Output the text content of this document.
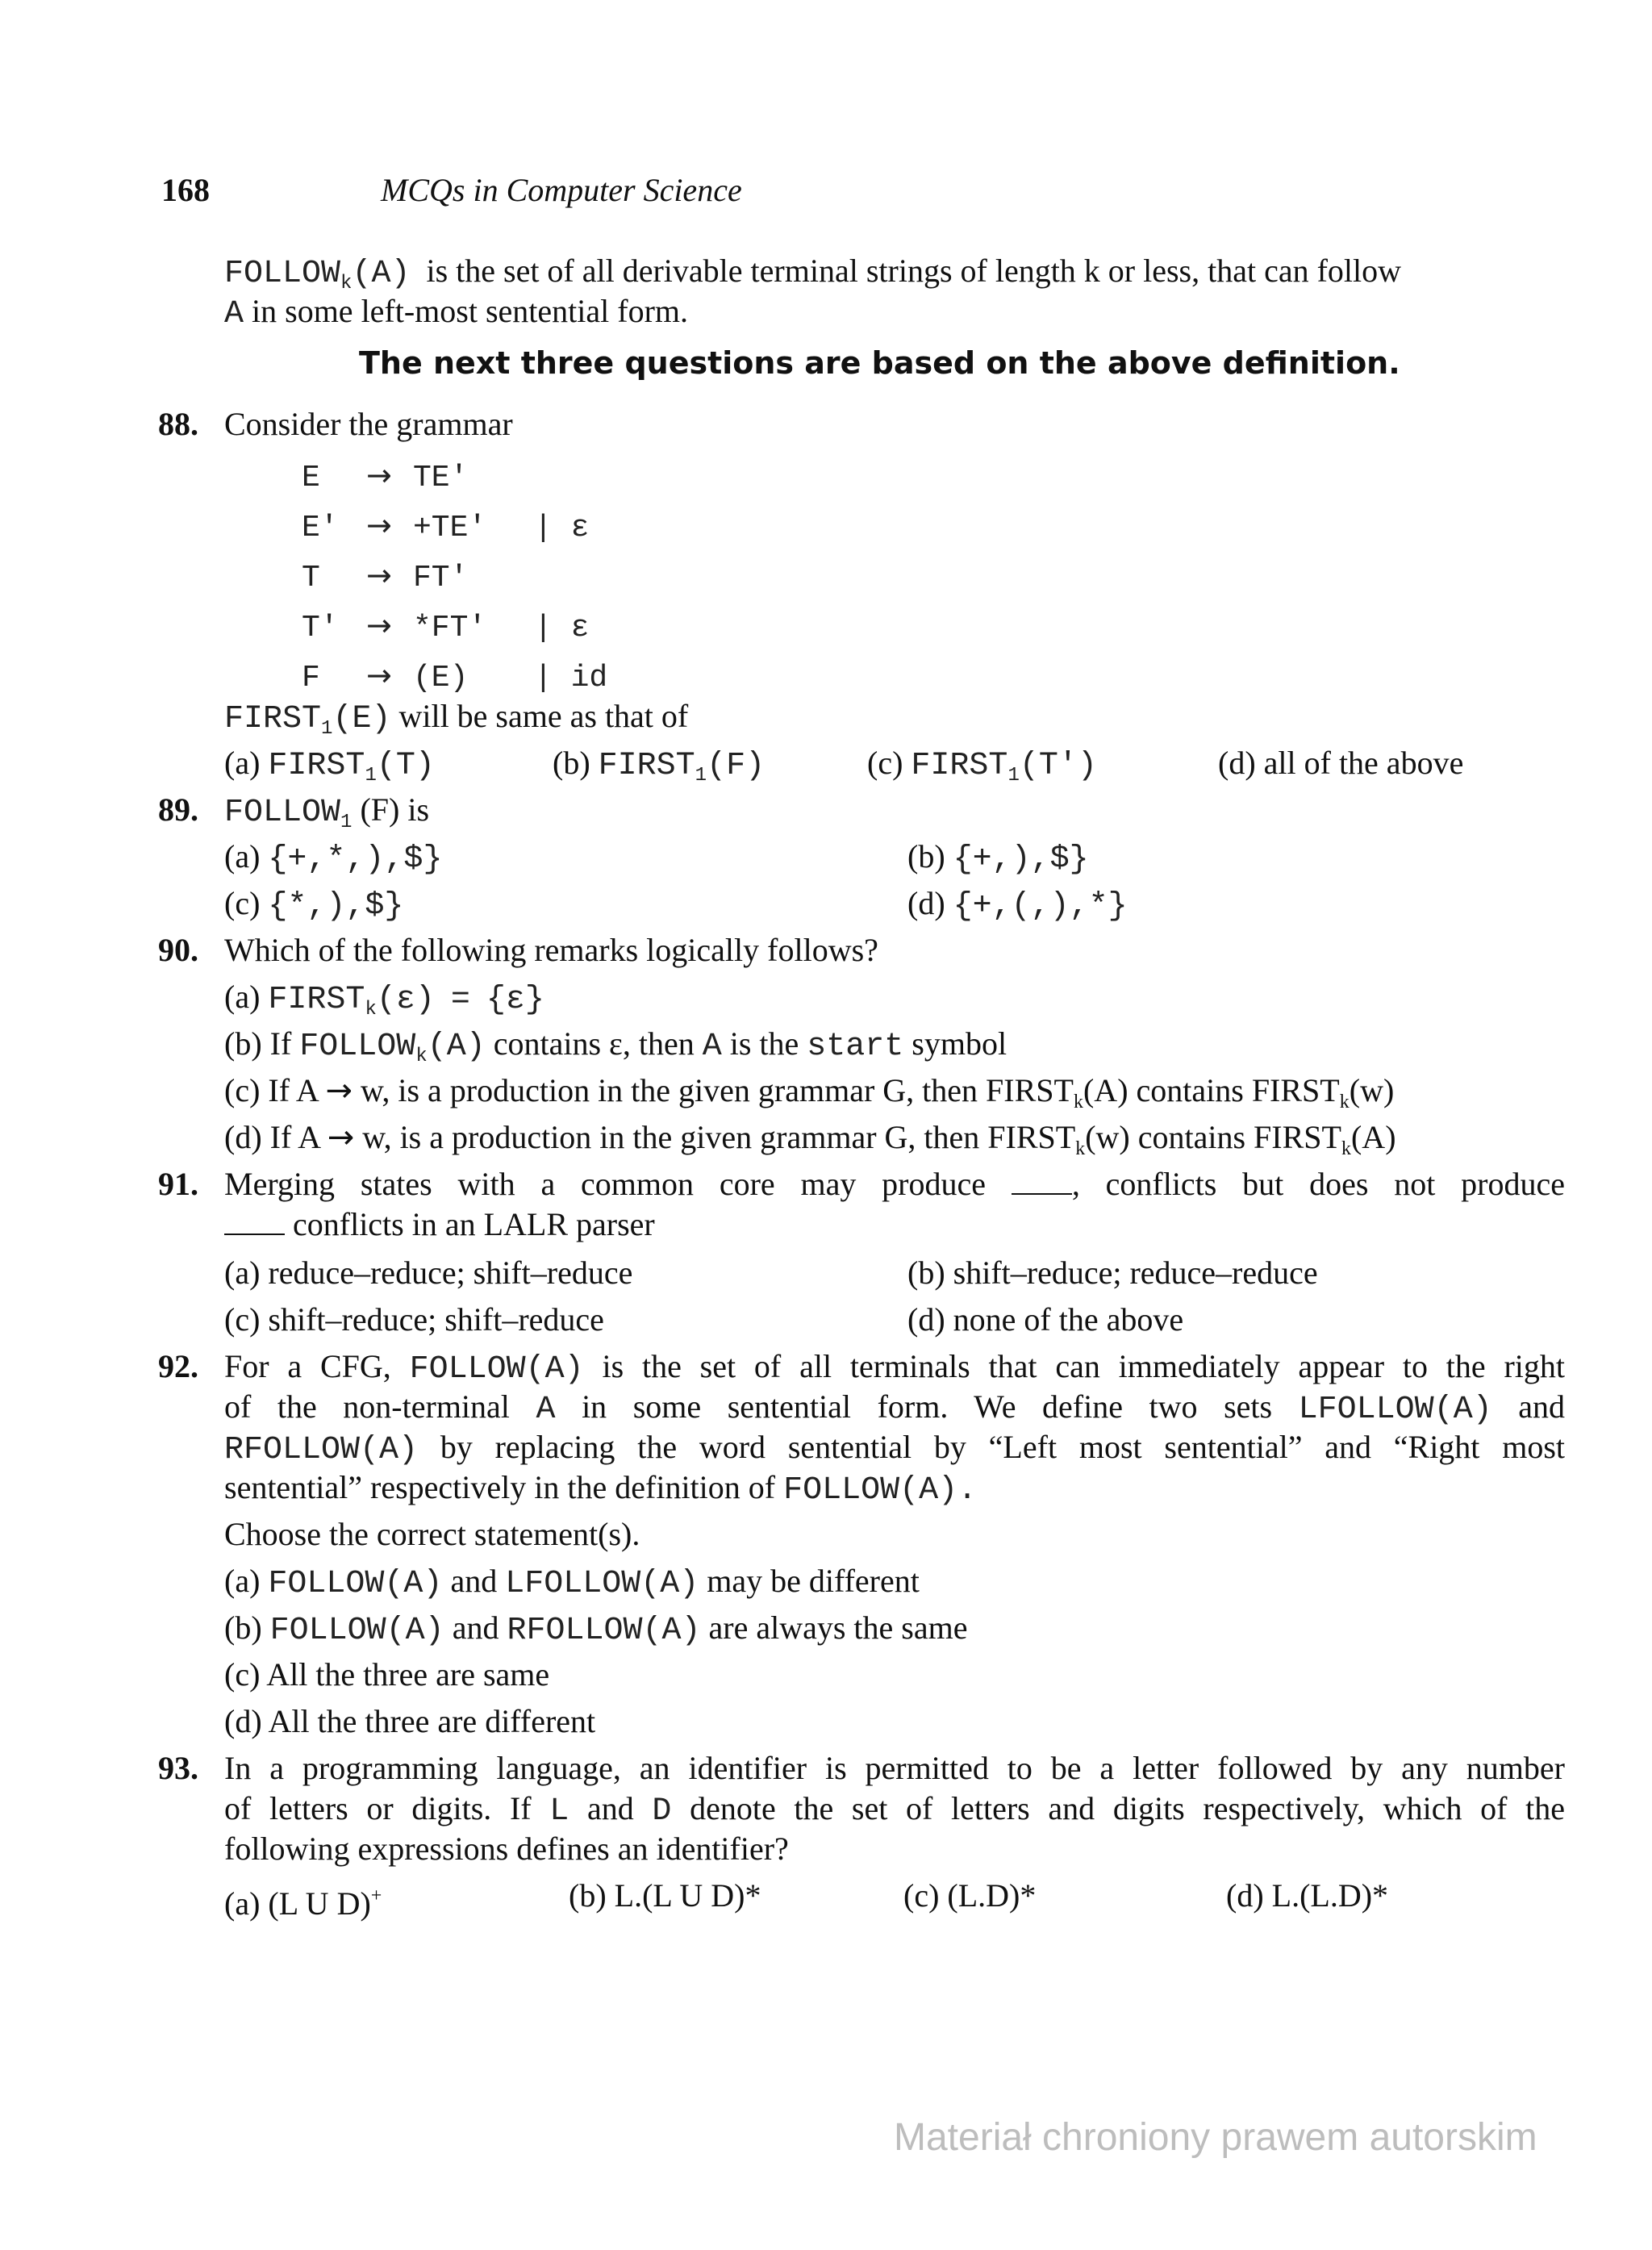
168	MCQs in Computer Science
$FOLLOW_k(A)$ is the set of all derivable terminal strings of length k or less, that can follow
A in some left-most sentential form.
The next three questions are based on the above definition.
88. Consider the grammar
E → TE′
E′ → +TE′ | ε
T → FT′
T′ → *FT′ | ε
F → (E) | id
$FIRST_1(E)$ will be same as that of
(a) $FIRST_1(T)$	(b) $FIRST_1(F)$	(c) $FIRST_1(T')$	(d) all of the above
89. $FOLLOW_1$ (F) is
(a) {+,*,),$}	(b) {+,),$}
(c) {*,),$}	(d) {+,(,),*}
90. Which of the following remarks logically follows?
(a) $FIRST_k(\varepsilon) = \{\varepsilon\}$
(b) If $FOLLOW_k(A)$ contains ε, then A is the start symbol
(c) If A → w, is a production in the given grammar G, then $FIRST_k(A)$ contains $FIRST_k(w)$
(d) If A → w, is a production in the given grammar G, then $FIRST_k(w)$ contains $FIRST_k(A)$
91. Merging states with a common core may produce	, conflicts but does not produce
conflicts in an LALR parser
(a) reduce–reduce; shift–reduce	(b) shift–reduce; reduce–reduce
(c) shift–reduce; shift–reduce	(d) none of the above
92. For a CFG, FOLLOW(A) is the set of all terminals that can immediately appear to the right
of the non-terminal A in some sentential form. We define two sets LFOLLOW(A) and
RFOLLOW(A) by replacing the word sentential by “Left most sentential” and “Right most
sentential” respectively in the definition of FOLLOW(A).
Choose the correct statement(s).
(a) FOLLOW(A) and LFOLLOW(A) may be different
(b) FOLLOW(A) and RFOLLOW(A) are always the same
(c) All the three are same
(d) All the three are different
93. In a programming language, an identifier is permitted to be a letter followed by any number
of letters or digits. If L and D denote the set of letters and digits respectively, which of the
following expressions defines an identifier?
(a) (L U D)+	(b) L.(L U D)*	(c) (L.D)*	(d) L.(L.D)*
Materiał chroniony prawem autorskim
